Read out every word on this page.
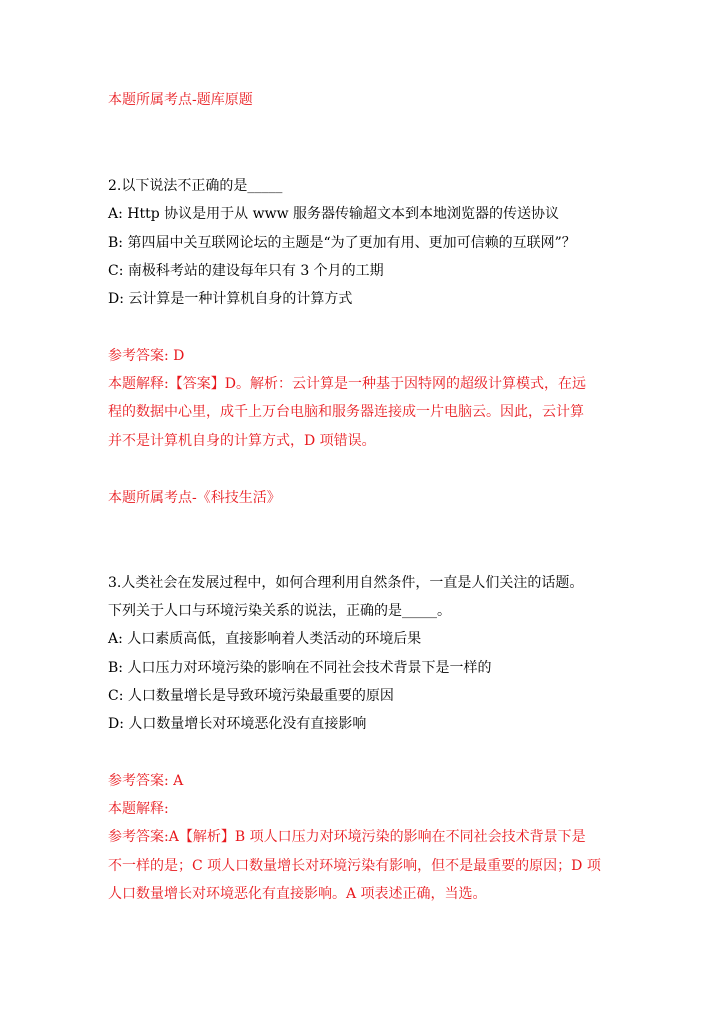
本题所属考点-题库原题
2.以下说法不正确的是_____
A: Http 协议是用于从 www 服务器传输超文本到本地浏览器的传送协议
B: 第四届中关互联网论坛的主题是“为了更加有用、更加可信赖的互联网”？
C: 南极科考站的建设每年只有 3 个月的工期
D: 云计算是一种计算机自身的计算方式
参考答案: D
本题解释:【答案】D。解析：云计算是一种基于因特网的超级计算模式，在远
程的数据中心里，成千上万台电脑和服务器连接成一片电脑云。因此，云计算
并不是计算机自身的计算方式，D 项错误。
本题所属考点-《科技生活》
3.人类社会在发展过程中，如何合理利用自然条件，一直是人们关注的话题。
下列关于人口与环境污染关系的说法，正确的是_____。
A: 人口素质高低，直接影响着人类活动的环境后果
B: 人口压力对环境污染的影响在不同社会技术背景下是一样的
C: 人口数量增长是导致环境污染最重要的原因
D: 人口数量增长对环境恶化没有直接影响
参考答案: A
本题解释:
参考答案:A【解析】B 项人口压力对环境污染的影响在不同社会技术背景下是
不一样的是；C 项人口数量增长对环境污染有影响，但不是最重要的原因；D 项
人口数量增长对环境恶化有直接影响。A 项表述正确，当选。
